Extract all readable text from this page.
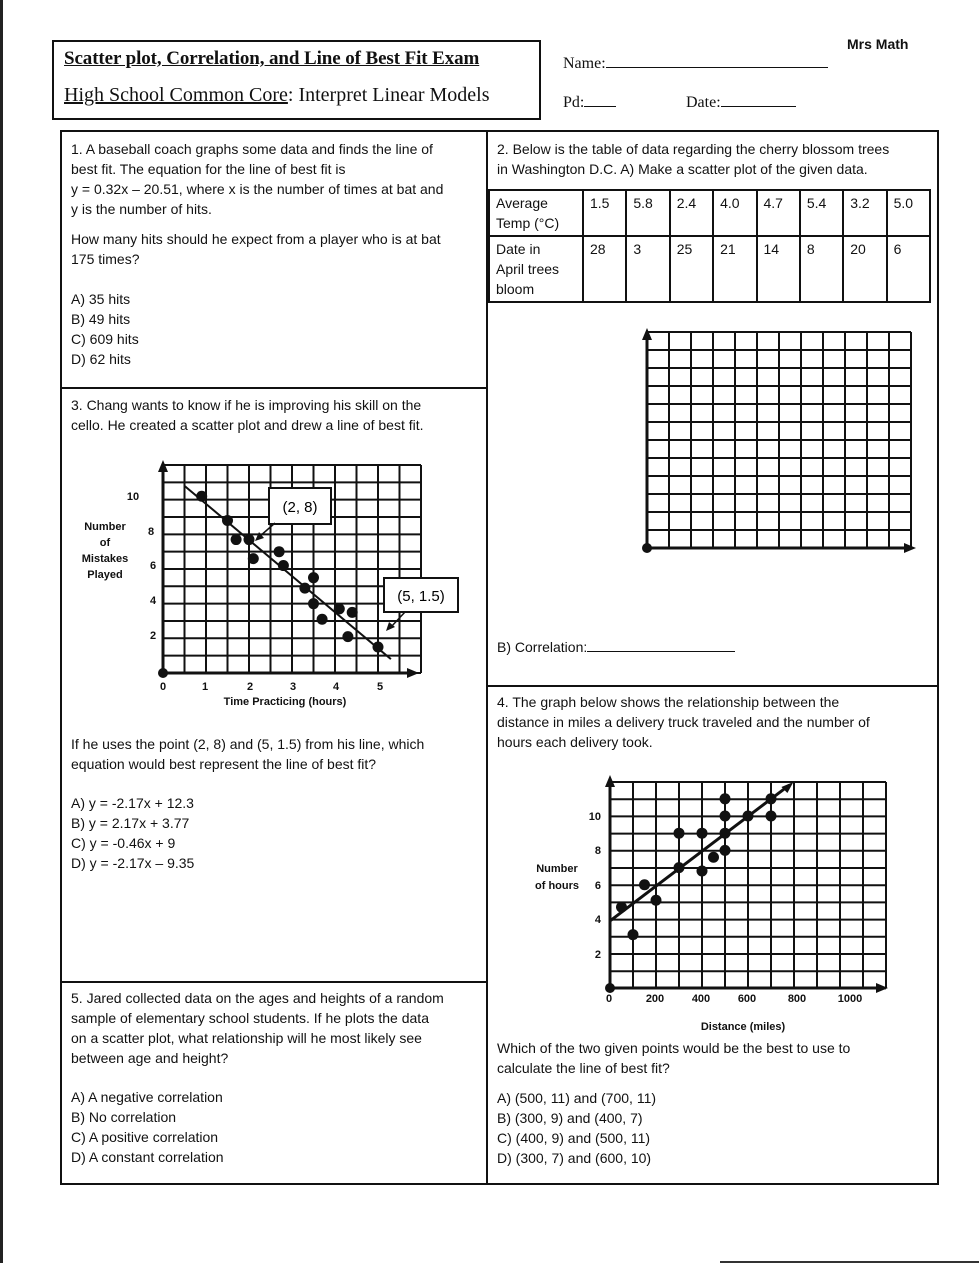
Scatter plot, Correlation, and Line of Best Fit Exam
High School Common Core: Interpret Linear Models
Name:
Pd:	Date:
Mrs Math

1. A baseball coach graphs some data and finds the line of

best fit. The equation for the line of best fit is

y = 0.32x – 20.51, where x is the number of times at bat and

y is the number of hits.

How many hits should he expect from a player who is at bat

175 times?

A) 35 hits
B) 49 hits
C) 609 hits
D) 62 hits

2. Below is the table of data regarding the cherry blossom trees

in Washington D.C. A) Make a scatter plot of the given data.

Average
Temp (°C)	1.5	5.8	2.4	4.0	4.7	5.4	3.2	5.0
Date in
April trees
bloom	28	3	25	21	14	8	20	6
B) Correlation:

3. Chang wants to know if he is improving his skill on the

cello. He created a scatter plot and drew a line of best fit.

10
8
6
4
2
0	1	2	3	4	5
Time Practicing (hours)
Number
of
Mistakes
Played
(2, 8)
(5, 1.5)

If he uses the point (2, 8) and (5, 1.5) from his line, which

equation would best represent the line of best fit?

A) y = -2.17x + 12.3
B) y = 2.17x + 3.77
C) y = -0.46x + 9
D) y = -2.17x – 9.35

4. The graph below shows the relationship between the

distance in miles a delivery truck traveled and the number of

hours each delivery took.

10
8
6
4
2
0	200	400	600	800	1000
Distance (miles)
Number
of hours

Which of the two given points would be the best to use to

calculate the line of best fit?

A) (500, 11) and (700, 11)
B) (300, 9) and (400, 7)
C) (400, 9) and (500, 11)
D) (300, 7) and (600, 10)

5. Jared collected data on the ages and heights of a random

sample of elementary school students. If he plots the data

on a scatter plot, what relationship will he most likely see

between age and height?

A) A negative correlation
B) No correlation
C) A positive correlation
D) A constant correlation
